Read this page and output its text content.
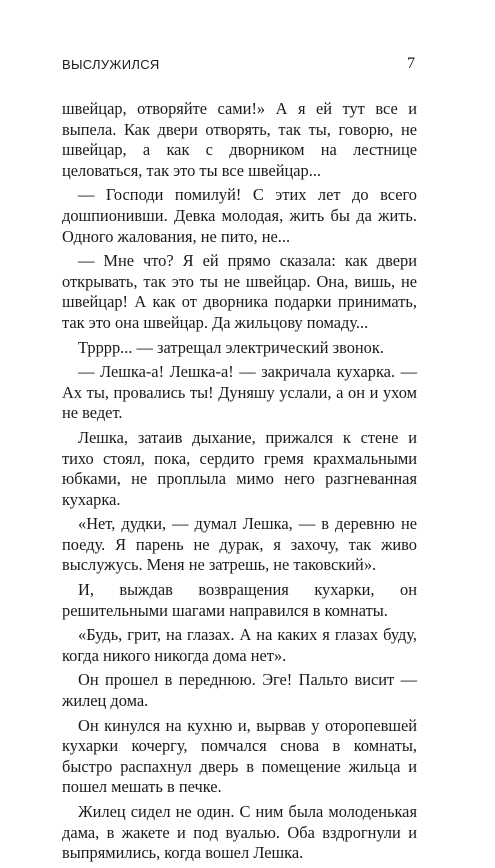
ВЫСЛУЖИЛСЯ	7

швейцар, отворяйте сами!» А я ей тут все и выпела. Как двери отворять, так ты, говорю, не швейцар, а как с дворником на лестнице целоваться, так это ты все швейцар...

— Господи помилуй! С этих лет до всего дошпионивши. Девка молодая, жить бы да жить. Одного жалования, не пито, не...

— Мне что? Я ей прямо сказала: как двери открывать, так это ты не швейцар. Она, вишь, не швейцар! А как от дворника подарки принимать, так это она швейцар. Да жильцову помаду...

Трррр... — затрещал электрический звонок.

— Лешка-а! Лешка-а! — закричала кухарка. — Ах ты, провались ты! Дуняшу услали, а он и ухом не ведет.

Лешка, затаив дыхание, прижался к стене и тихо стоял, пока, сердито гремя крахмальными юбками, не проплыла мимо него разгневанная кухарка.

«Нет, дудки, — думал Лешка, — в деревню не поеду. Я парень не дурак, я захочу, так живо выслужусь. Меня не затрешь, не таковский».

И, выждав возвращения кухарки, он решительными шагами направился в комнаты.

«Будь, грит, на глазах. А на каких я глазах буду, когда никого никогда дома нет».

Он прошел в переднюю. Эге! Пальто висит — жилец дома.

Он кинулся на кухню и, вырвав у оторопевшей кухарки кочергу, помчался снова в комнаты, быстро распахнул дверь в помещение жильца и пошел мешать в печке.

Жилец сидел не один. С ним была молоденькая дама, в жакете и под вуалью. Оба вздрогнули и выпрямились, когда вошел Лешка.
